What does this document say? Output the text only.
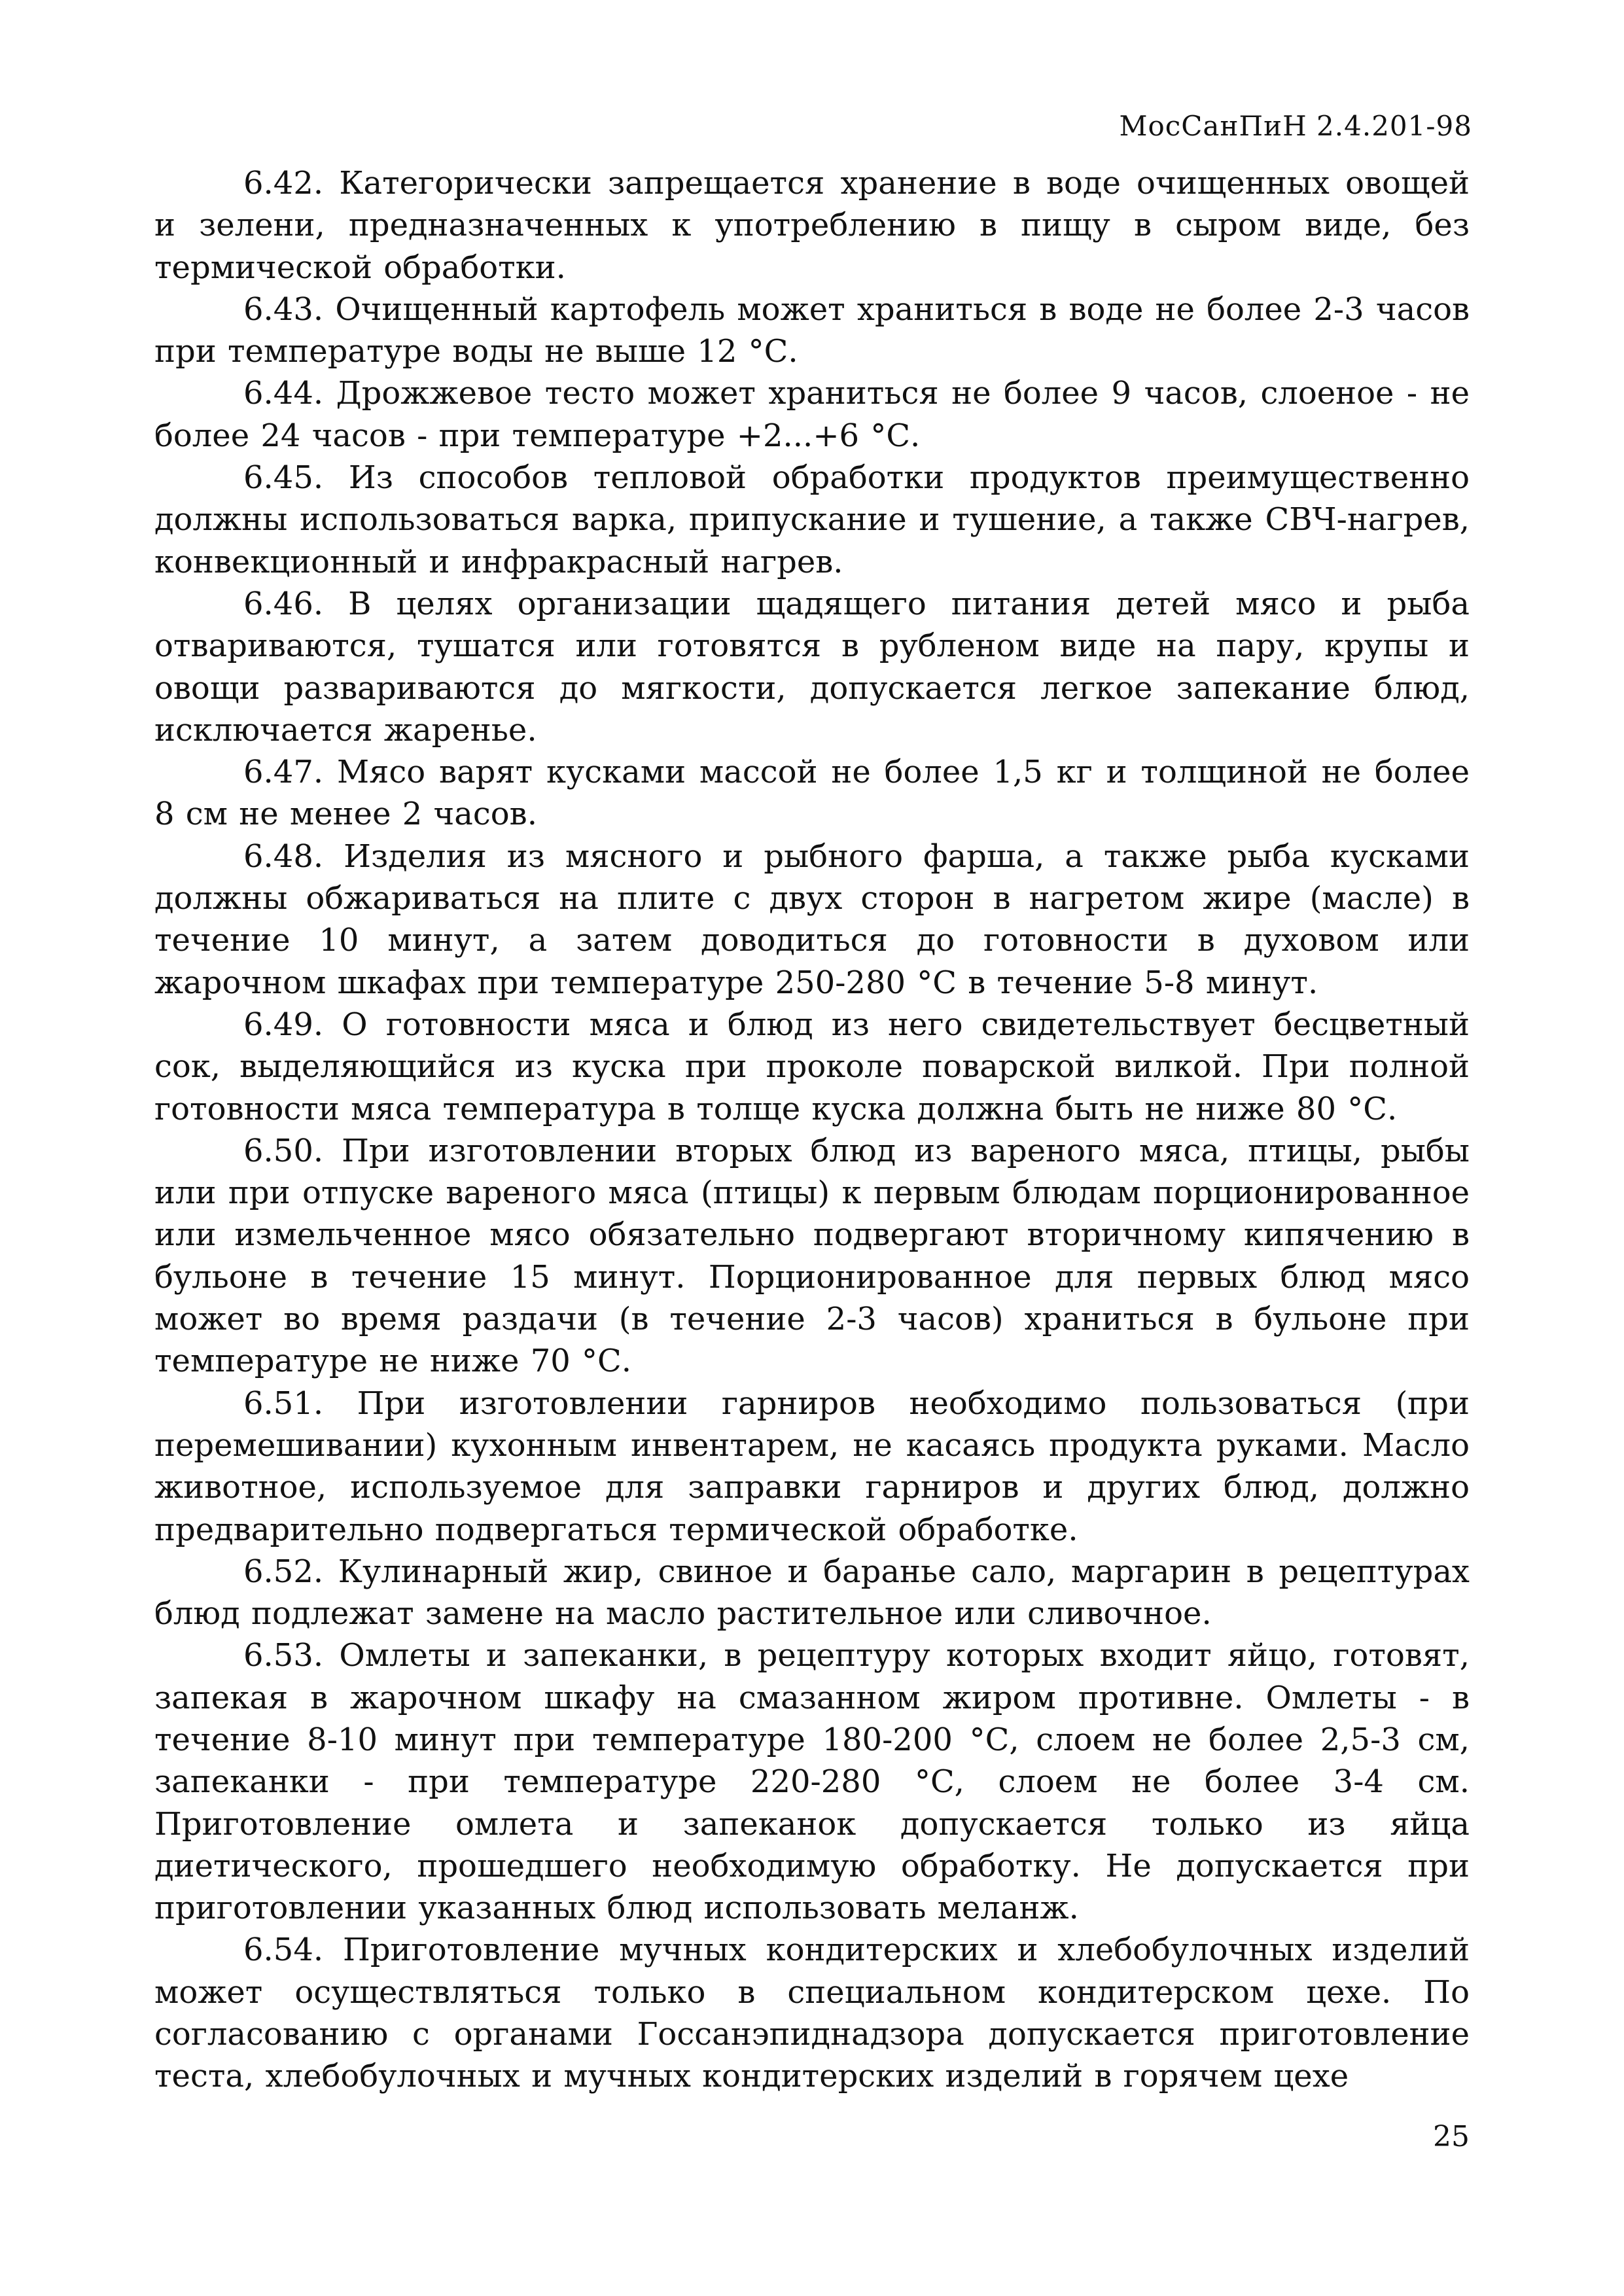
МосСанПиН 2.4.201-98

6.42. Категорически запрещается хранение в воде очищенных овощей и зелени, предназначенных к употреблению в пищу в сыром виде, без термической обработки.

6.43. Очищенный картофель может храниться в воде не более 2-3 часов при температуре воды не выше 12 °С.

6.44. Дрожжевое тесто может храниться не более 9 часов, слоеное - не более 24 часов - при температуре +2...+6 °С.

6.45. Из способов тепловой обработки продуктов преимущественно должны использоваться варка, припускание и тушение, а также СВЧ-нагрев, конвекционный и инфракрасный нагрев.

6.46. В целях организации щадящего питания детей мясо и рыба отвариваются, тушатся или готовятся в рубленом виде на пару, крупы и овощи развариваются до мягкости, допускается легкое запекание блюд, исключается жаренье.

6.47. Мясо варят кусками массой не более 1,5 кг и толщиной не более 8 см не менее 2 часов.

6.48. Изделия из мясного и рыбного фарша, а также рыба кусками должны обжариваться на плите с двух сторон в нагретом жире (масле) в течение 10 минут, а затем доводиться до готовности в духовом или жарочном шкафах при температуре 250-280 °С в течение 5-8 минут.

6.49. О готовности мяса и блюд из него свидетельствует бесцветный сок, выделяющийся из куска при проколе поварской вилкой. При полной готовности мяса температура в толще куска должна быть не ниже 80 °С.

6.50. При изготовлении вторых блюд из вареного мяса, птицы, рыбы или при отпуске вареного мяса (птицы) к первым блюдам порционированное или измельченное мясо обязательно подвергают вторичному кипячению в бульоне в течение 15 минут. Порционированное для первых блюд мясо может во время раздачи (в течение 2-3 часов) храниться в бульоне при температуре не ниже 70 °С.

6.51. При изготовлении гарниров необходимо пользоваться (при перемешивании) кухонным инвентарем, не касаясь продукта руками. Масло животное, используемое для заправки гарниров и других блюд, должно предварительно подвергаться термической обработке.

6.52. Кулинарный жир, свиное и баранье сало, маргарин в рецептурах блюд подлежат замене на масло растительное или сливочное.

6.53. Омлеты и запеканки, в рецептуру которых входит яйцо, готовят, запекая в жарочном шкафу на смазанном жиром противне. Омлеты - в течение 8-10 минут при температуре 180-200 °С, слоем не более 2,5-3 см, запеканки - при температуре 220-280 °С, слоем не более 3-4 см. Приготовление омлета и запеканок допускается только из яйца диетического, прошедшего необходимую обработку. Не допускается при приготовлении указанных блюд использовать меланж.

6.54. Приготовление мучных кондитерских и хлебобулочных изделий может осуществляться только в специальном кондитерском цехе. По согласованию с органами Госсанэпиднадзора допускается приготовление теста, хлебобулочных и мучных кондитерских изделий в горячем цехе

25
